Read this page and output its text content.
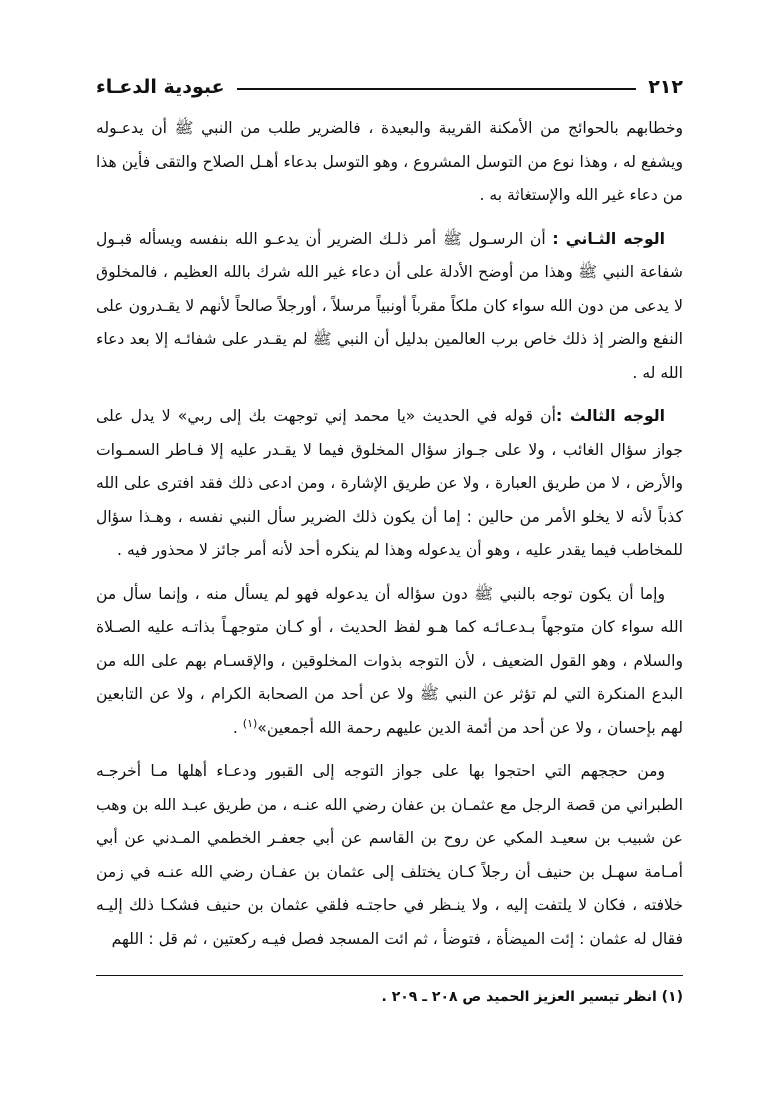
٢١٢
عبودية الدعـاء

وخطابهم بالحوائج من الأمكنة القريبة والبعيدة ، فالضرير طلب من النبي ﷺ أن يدعـوله ويشفع له ، وهذا نوع من التوسل المشروع ، وهو التوسل بدعاء أهـل الصلاح والتقى فأين هذا من دعاء غير الله والإستغاثة به .

الوجه الثـاني : أن الرسـول ﷺ أمر ذلـك الضرير أن يدعـو الله بنفسه ويسأله قبـول شفاعة النبي ﷺ وهذا من أوضح الأدلة على أن دعاء غير الله شرك بالله العظيم ، فالمخلوق لا يدعى من دون الله سواء كان ملكاً مقرباً أونبياً مرسلاً ، أورجلاً صالحاً لأنهم لا يقـدرون على النفع والضر إذ ذلك خاص برب العالمين بدليل أن النبي ﷺ لم يقـدر على شفائـه إلا بعد دعاء الله له .

الوجه الثالث :أن قوله في الحديث «يا محمد إني توجهت بك إلى ربي» لا يدل على جواز سؤال الغائب ، ولا على جـواز سؤال المخلوق فيما لا يقـدر عليه إلا فـاطر السمـوات والأرض ، لا من طريق العبارة ، ولا عن طريق الإشارة ، ومن ادعى ذلك فقد افترى على الله كذباً لأنه لا يخلو الأمر من حالين : إما أن يكون ذلك الضرير سأل النبي نفسه ، وهـذا سؤال للمخاطب فيما يقدر عليه ، وهو أن يدعوله وهذا لم ينكره أحد لأنه أمر جائز لا محذور فيه .

وإما أن يكون توجه بالنبي ﷺ دون سؤاله أن يدعوله فهو لم يسأل منه ، وإنما سأل من الله سواء كان متوجهاً بـدعـائـه كما هـو لفظ الحديث ، أو كـان متوجهـاً بذاتـه عليه الصـلاة والسلام ، وهو القول الضعيف ، لأن التوجه بذوات المخلوقين ، والإقسـام بهم على الله من البدع المنكرة التي لم تؤثر عن النبي ﷺ ولا عن أحد من الصحابة الكرام ، ولا عن التابعين لهم بإحسان ، ولا عن أحد من أئمة الدين عليهم رحمة الله أجمعين»$^{(١)}$ .

ومن حججهم التي احتجوا بها على جواز التوجه إلى القبور ودعـاء أهلها مـا أخرجـه الطبراني من قصة الرجل مع عثمـان بن عفان رضي الله عنـه ، من طريق عبـد الله بن وهب عن شبيب بن سعيـد المكي عن روح بن القاسم عن أبي جعفـر الخطمي المـدني عن أبي أمـامة سهـل بن حنيف أن رجلاً كـان يختلف إلى عثمان بن عفـان رضي الله عنـه في زمن خلافته ، فكان لا يلتفت إليه ، ولا ينـظر في حاجتـه فلقي عثمان بن حنيف فشكـا ذلك إليـه فقال له عثمان : إئت الميضأة ، فتوضأ ، ثم ائت المسجد فصل فيـه ركعتين ، ثم قل : اللهم

(١) انظر تيسير العزيز الحميد ص ٢٠٨ ـ ٢٠٩ .
